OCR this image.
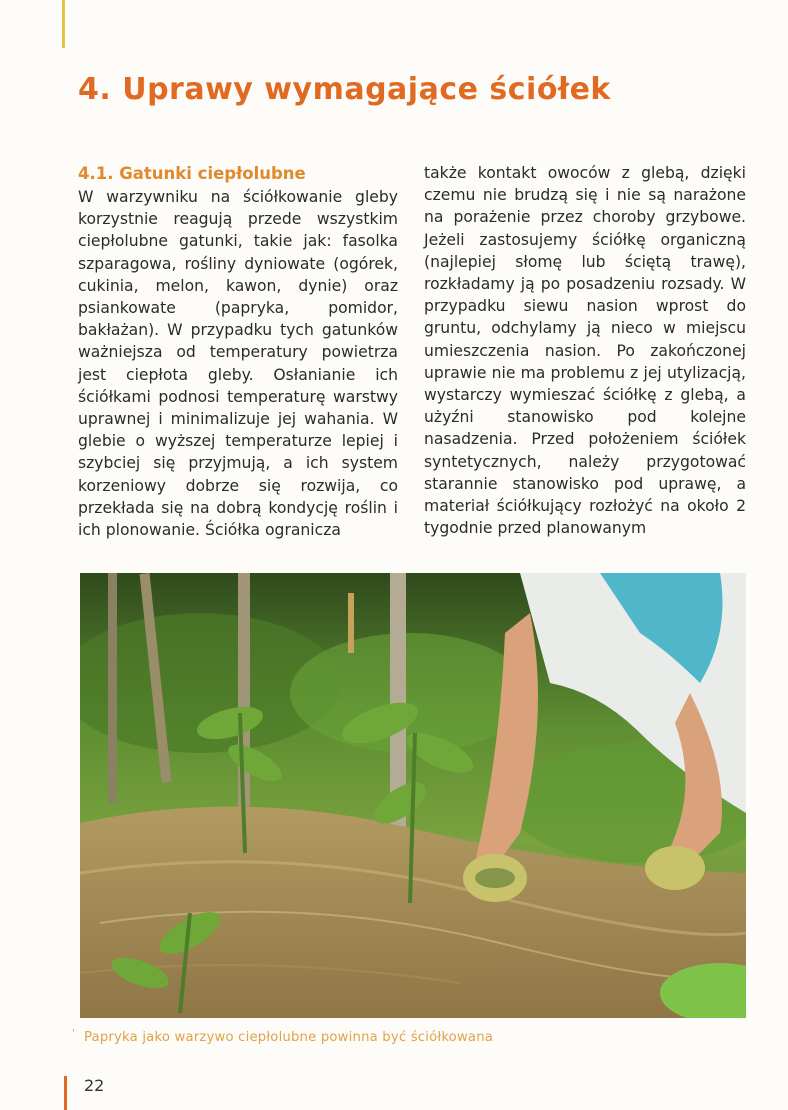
4. Uprawy wymagające ściółek
4.1. Gatunki ciepłolubne

W warzywniku na ściółkowanie gleby korzystnie reagują przede wszystkim ciepłolubne gatunki, takie jak: fasolka szparagowa, rośliny dyniowate (ogórek, cukinia, melon, kawon, dynie) oraz psiankowate (papryka, pomidor, bakłażan). W przypadku tych gatunków ważniejsza od temperatury powietrza jest ciepłota gleby. Osłanianie ich ściółkami podnosi temperaturę warstwy uprawnej i minimalizuje jej wahania. W glebie o wyższej temperaturze lepiej i szybciej się przyjmują, a ich system korzeniowy dobrze się rozwija, co przekłada się na dobrą kondycję roślin i ich plonowanie. Ściółka ogranicza

także kontakt owoców z glebą, dzięki czemu nie brudzą się i nie są narażone na porażenie przez choroby grzybowe. Jeżeli zastosujemy ściółkę organiczną (najlepiej słomę lub ściętą trawę), rozkładamy ją po posadzeniu rozsady. W przypadku siewu nasion wprost do gruntu, odchylamy ją nieco w miejscu umieszczenia nasion. Po zakończonej uprawie nie ma problemu z jej utylizacją, wystarczy wymieszać ściółkę z glebą, a użyźni stanowisko pod kolejne nasadzenia. Przed położeniem ściółek syntetycznych, należy przygotować starannie stanowisko pod uprawę, a materiał ściółkujący rozłożyć na około 2 tygodnie przed planowanym

' Papryka jako warzywo ciepłolubne powinna być ściółkowana

22
